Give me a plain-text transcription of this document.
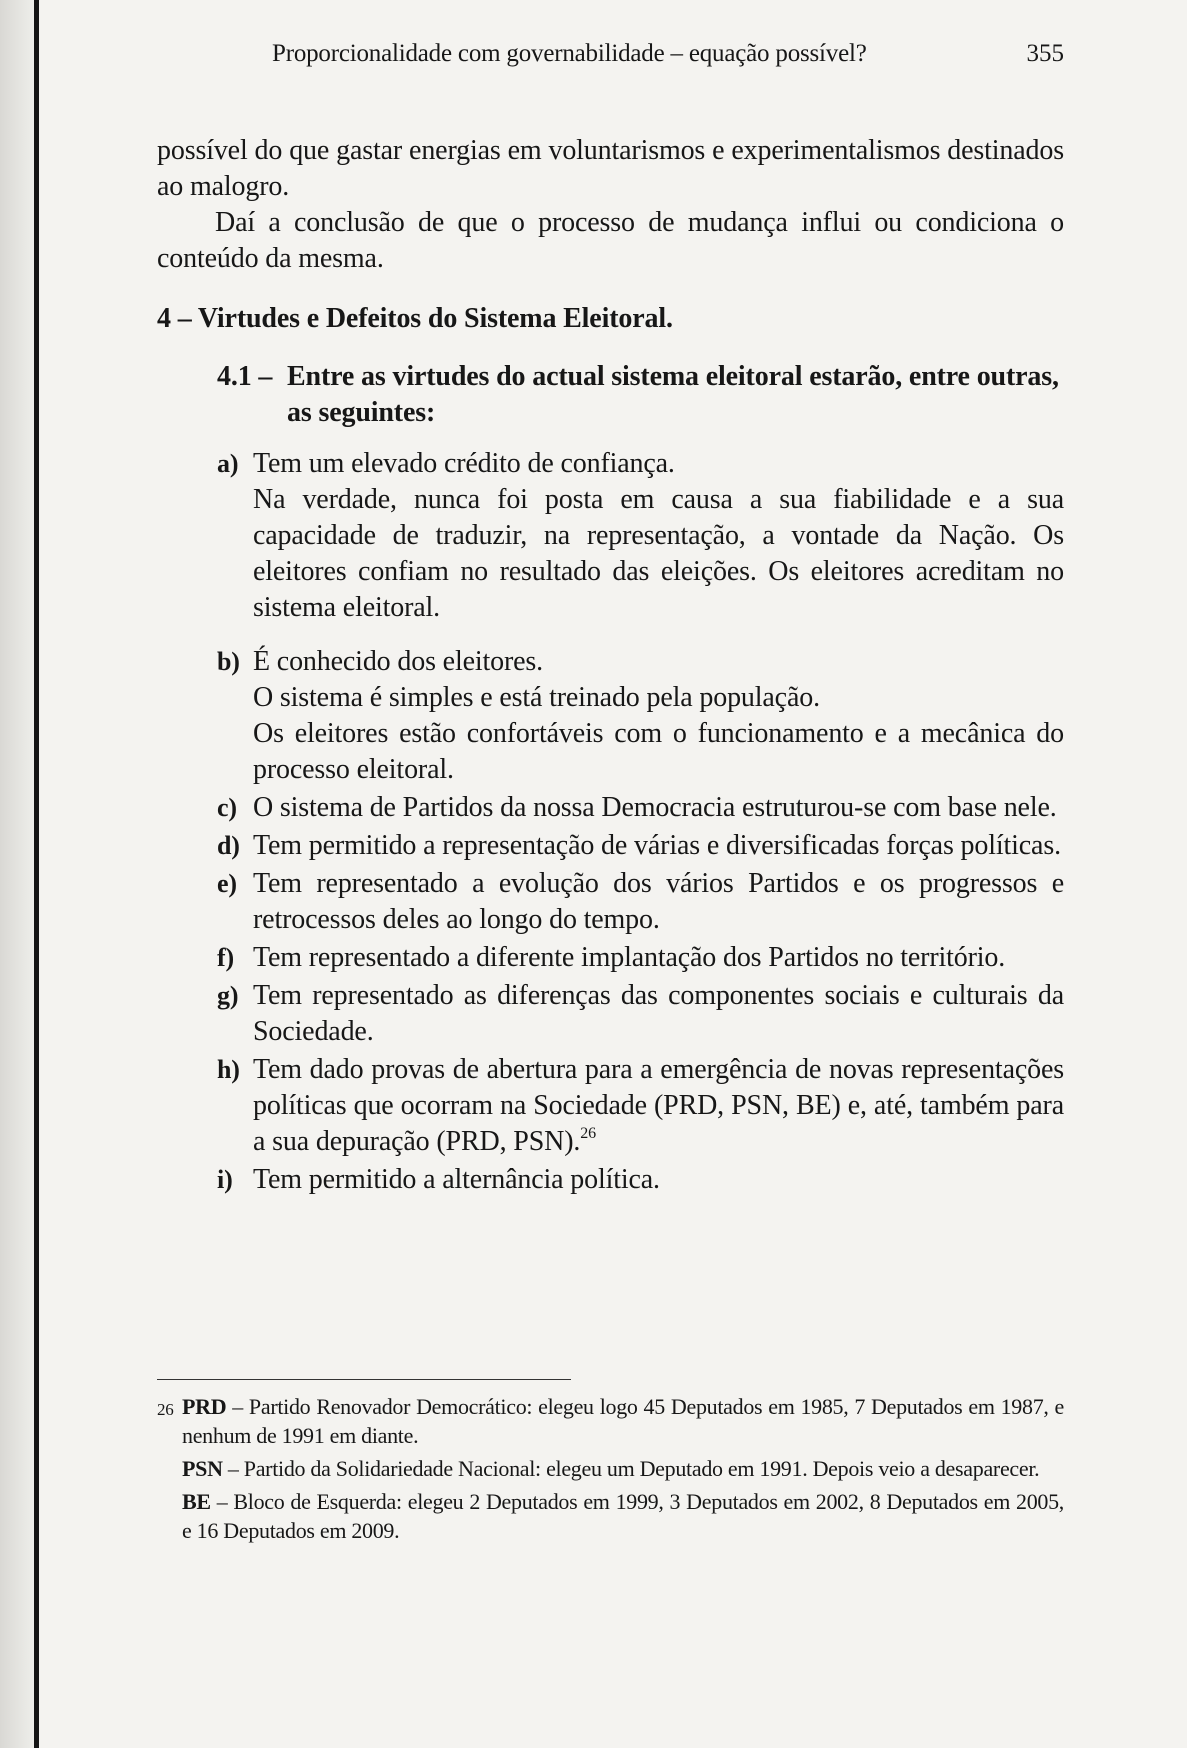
Proporcionalidade com governabilidade – equação possível?	355

possível do que gastar energias em voluntarismos e experimentalismos destinados ao malogro.

Daí a conclusão de que o processo de mudança influi ou condiciona o conteúdo da mesma.

4 – Virtudes e Defeitos do Sistema Eleitoral.
4.1 – Entre as virtudes do actual sistema eleitoral estarão, entre outras, as seguintes:
a) Tem um elevado crédito de confiança.
Na verdade, nunca foi posta em causa a sua fiabilidade e a sua capacidade de traduzir, na representação, a vontade da Nação. Os eleitores confiam no resultado das eleições. Os eleitores acreditam no sistema eleitoral.
b) É conhecido dos eleitores.
O sistema é simples e está treinado pela população.
Os eleitores estão confortáveis com o funcionamento e a mecânica do processo eleitoral.
c) O sistema de Partidos da nossa Democracia estruturou-se com base nele.
d) Tem permitido a representação de várias e diversificadas forças políticas.
e) Tem representado a evolução dos vários Partidos e os progressos e retrocessos deles ao longo do tempo.
f) Tem representado a diferente implantação dos Partidos no território.
g) Tem representado as diferenças das componentes sociais e culturais da Sociedade.
h) Tem dado provas de abertura para a emergência de novas representações políticas que ocorram na Sociedade (PRD, PSN, BE) e, até, também para a sua depuração (PRD, PSN).$^{26}$
i) Tem permitido a alternância política.

26 PRD – Partido Renovador Democrático: elegeu logo 45 Deputados em 1985, 7 Deputados em 1987, e nenhum de 1991 em diante.

PSN – Partido da Solidariedade Nacional: elegeu um Deputado em 1991. Depois veio a desaparecer.

BE – Bloco de Esquerda: elegeu 2 Deputados em 1999, 3 Deputados em 2002, 8 Deputados em 2005, e 16 Deputados em 2009.
